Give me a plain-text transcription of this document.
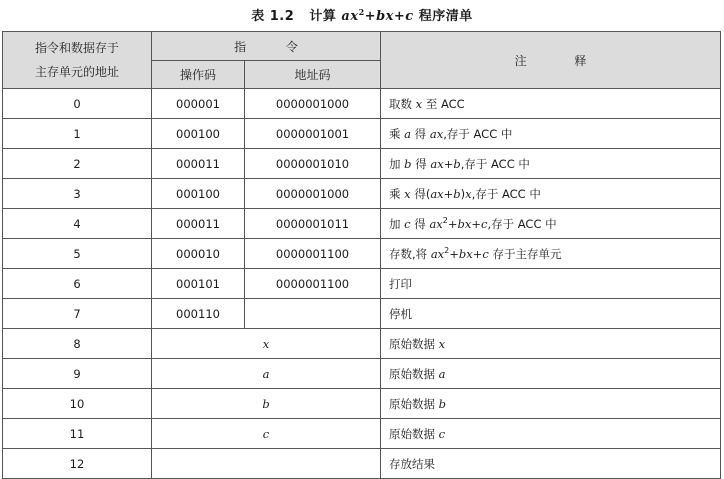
表 1.2 计算 $ax^2+bx+c$ 程序清单
指令和数据存于
主存单元的地址	指 令		注 释
	操作码	地址码	
0	000001	0000001000	取数 x 至 ACC
1	000100	0000001001	乘 a 得 ax,存于 ACC 中
2	000011	0000001010	加 b 得 ax+b,存于 ACC 中
3	000100	0000001000	乘 x 得(ax+b)x,存于 ACC 中
4	000011	0000001011	加 c 得 $ax^2+bx+c$,存于 ACC 中
5	000010	0000001100	存数,将 $ax^2+bx+c$ 存于主存单元
6	000101	0000001100	打印
7	000110		停机
8	x		原始数据 x
9	a		原始数据 a
10	b		原始数据 b
11	c		原始数据 c
12			存放结果
